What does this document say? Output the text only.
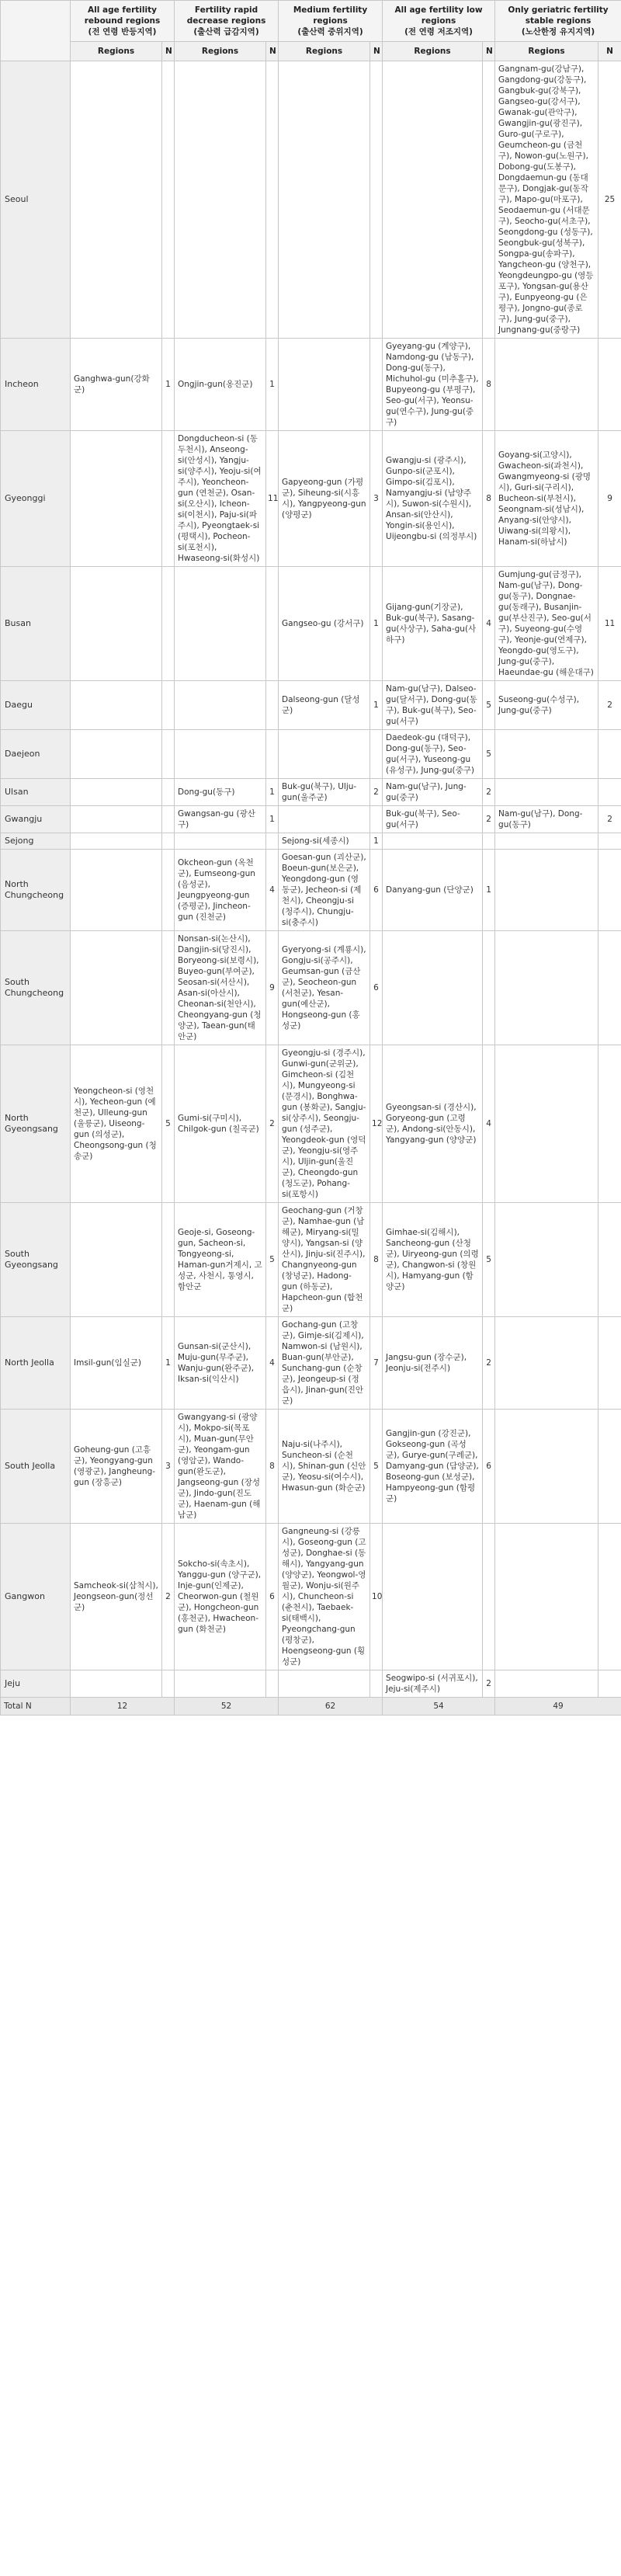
	All age fertility rebound regions
(전 연령 반등지역)		Fertility rapid decrease regions
(출산력 급감지역)		Medium fertility regions
(출산력 중위지역)		All age fertility low regions
(전 연령 저조지역)		Only geriatric fertility stable regions
(노산한정 유지지역)	
	Regions	N	Regions	N	Regions	N	Regions	N	Regions	N
Seoul									Gangnam-gu(강남구), Gangdong-gu(강동구), Gangbuk-gu(강북구), Gangseo-gu(강서구), Gwanak-gu(관악구), Gwangjin-gu(광진구), Guro-gu(구로구), Geumcheon-gu (금천구), Nowon-gu(노원구), Dobong-gu(도봉구), Dongdaemun-gu (동대문구), Dongjak-gu(동작구), Mapo-gu(마포구), Seodaemun-gu (서대문구), Seocho-gu(서초구), Seongdong-gu (성동구), Seongbuk-gu(성북구), Songpa-gu(송파구), Yangcheon-gu (양천구), Yeongdeungpo-gu (영등포구), Yongsan-gu(용산구), Eunpyeong-gu (은평구), Jongno-gu(종로구), Jung-gu(중구), Jungnang-gu(중랑구)	25
Incheon	Ganghwa-gun(강화군)	1	Ongjin-gun(옹진군)	1			Gyeyang-gu (계양구), Namdong-gu (남동구), Dong-gu(동구), Michuhol-gu (미추홀구), Bupyeong-gu (부평구), Seo-gu(서구), Yeonsu-gu(연수구), Jung-gu(중구)	8		
Gyeonggi			Dongducheon-si (동두천시), Anseong-si(안성시), Yangju-si(양주시), Yeoju-si(여주시), Yeoncheon-gun (연천군), Osan-si(오산시), Icheon-si(이천시), Paju-si(파주시), Pyeongtaek-si (평택시), Pocheon-si(포천시), Hwaseong-si(화성시)	11	Gapyeong-gun (가평군), Siheung-si(시흥시), Yangpyeong-gun (양평군)	3	Gwangju-si (광주시), Gunpo-si(군포시), Gimpo-si(김포시), Namyangju-si (남양주시), Suwon-si(수원시), Ansan-si(안산시), Yongin-si(용인시), Uijeongbu-si (의정부시)	8	Goyang-si(고양시), Gwacheon-si(과천시), Gwangmyeong-si (광명시), Guri-si(구리시), Bucheon-si(부천시), Seongnam-si(성남시), Anyang-si(안양시), Uiwang-si(의왕시), Hanam-si(하남시)	9
Busan					Gangseo-gu (강서구)	1	Gijang-gun(기장군), Buk-gu(북구), Sasang-gu(사상구), Saha-gu(사하구)	4	Gumjung-gu(금정구), Nam-gu(남구), Dong-gu(동구), Dongnae-gu(동래구), Busanjin-gu(부산진구), Seo-gu(서구), Suyeong-gu(수영구), Yeonje-gu(연제구), Yeongdo-gu(영도구), Jung-gu(중구), Haeundae-gu (해운대구)	11
Daegu					Dalseong-gun (달성군)	1	Nam-gu(남구), Dalseo-gu(달서구), Dong-gu(동구), Buk-gu(북구), Seo-gu(서구)	5	Suseong-gu(수성구), Jung-gu(중구)	2
Daejeon							Daedeok-gu (대덕구), Dong-gu(동구), Seo-gu(서구), Yuseong-gu (유성구), Jung-gu(중구)	5		
Ulsan			Dong-gu(동구)	1	Buk-gu(북구), Ulju-gun(울주군)	2	Nam-gu(남구), Jung-gu(중구)	2		
Gwangju			Gwangsan-gu (광산구)	1			Buk-gu(북구), Seo-gu(서구)	2	Nam-gu(남구), Dong-gu(동구)	2
Sejong					Sejong-si(세종시)	1				
North Chungcheong			Okcheon-gun (옥천군), Eumseong-gun (음성군), Jeungpyeong-gun (증평군), Jincheon-gun (진천군)	4	Goesan-gun (괴산군), Boeun-gun(보은군), Yeongdong-gun (영동군), Jecheon-si (제천시), Cheongju-si (청주시), Chungju-si(충주시)	6	Danyang-gun (단양군)	1		
South Chungcheong			Nonsan-si(논산시), Dangjin-si(당진시), Boryeong-si(보령시), Buyeo-gun(부여군), Seosan-si(서산시), Asan-si(아산시), Cheonan-si(천안시), Cheongyang-gun (청양군), Taean-gun(태안군)	9	Gyeryong-si (계룡시), Gongju-si(공주시), Geumsan-gun (금산군), Seocheon-gun (서천군), Yesan-gun(예산군), Hongseong-gun (홍성군)	6				
North Gyeongsang	Yeongcheon-si (영천시), Yecheon-gun (예천군), Ulleung-gun (울릉군), Uiseong-gun (의성군), Cheongsong-gun (청송군)	5	Gumi-si(구미시), Chilgok-gun (칠곡군)	2	Gyeongju-si (경주시), Gunwi-gun(군위군), Gimcheon-si (김천시), Mungyeong-si (문경시), Bonghwa-gun (봉화군), Sangju-si(상주시), Seongju-gun (성주군), Yeongdeok-gun (영덕군), Yeongju-si(영주시), Uljin-gun(울진군), Cheongdo-gun (청도군), Pohang-si(포항시)	12	Gyeongsan-si (경산시), Goryeong-gun (고령군), Andong-si(안동시), Yangyang-gun (양양군)	4		
South Gyeongsang			Geoje-si, Goseong-gun, Sacheon-si, Tongyeong-si, Haman-gun거제시, 고성군, 사천시, 통영시, 함안군	5	Geochang-gun (거창군), Namhae-gun (남해군), Miryang-si(밀양시), Yangsan-si (양산시), Jinju-si(진주시), Changnyeong-gun (창녕군), Hadong-gun (하동군), Hapcheon-gun (합천군)	8	Gimhae-si(김해시), Sancheong-gun (산청군), Uiryeong-gun (의령군), Changwon-si (창원시), Hamyang-gun (함양군)	5		
North Jeolla	Imsil-gun(임실군)	1	Gunsan-si(군산시), Muju-gun(무주군), Wanju-gun(완주군), Iksan-si(익산시)	4	Gochang-gun (고창군), Gimje-si(김제시), Namwon-si (남원시), Buan-gun(부안군), Sunchang-gun (순창군), Jeongeup-si (정읍시), Jinan-gun(진안군)	7	Jangsu-gun (장수군), Jeonju-si(전주시)	2		
South Jeolla	Goheung-gun (고흥군), Yeongyang-gun (영광군), Jangheung-gun (장흥군)	3	Gwangyang-si (광양시), Mokpo-si(목포시), Muan-gun(무안군), Yeongam-gun (영암군), Wando-gun(완도군), Jangseong-gun (장성군), Jindo-gun(진도군), Haenam-gun (해남군)	8	Naju-si(나주시), Suncheon-si (순천시), Shinan-gun (신안군), Yeosu-si(여수시), Hwasun-gun (화순군)	5	Gangjin-gun (강진군), Gokseong-gun (곡성군), Gurye-gun(구례군), Damyang-gun (담양군), Boseong-gun (보성군), Hampyeong-gun (함평군)	6		
Gangwon	Samcheok-si(삼척시), Jeongseon-gun(정선군)	2	Sokcho-si(속초시), Yanggu-gun (양구군), Inje-gun(인제군), Cheorwon-gun (철원군), Hongcheon-gun (홍천군), Hwacheon-gun (화천군)	6	Gangneung-si (강릉시), Goseong-gun (고성군), Donghae-si (동해시), Yangyang-gun (양양군), Yeongwol-영월군), Wonju-si(원주시), Chuncheon-si (춘천시), Taebaek-si(태백시), Pyeongchang-gun (평창군), Hoengseong-gun (횡성군)	10				
Jeju							Seogwipo-si (서귀포시), Jeju-si(제주시)	2		
Total N	12		52		62		54		49	
